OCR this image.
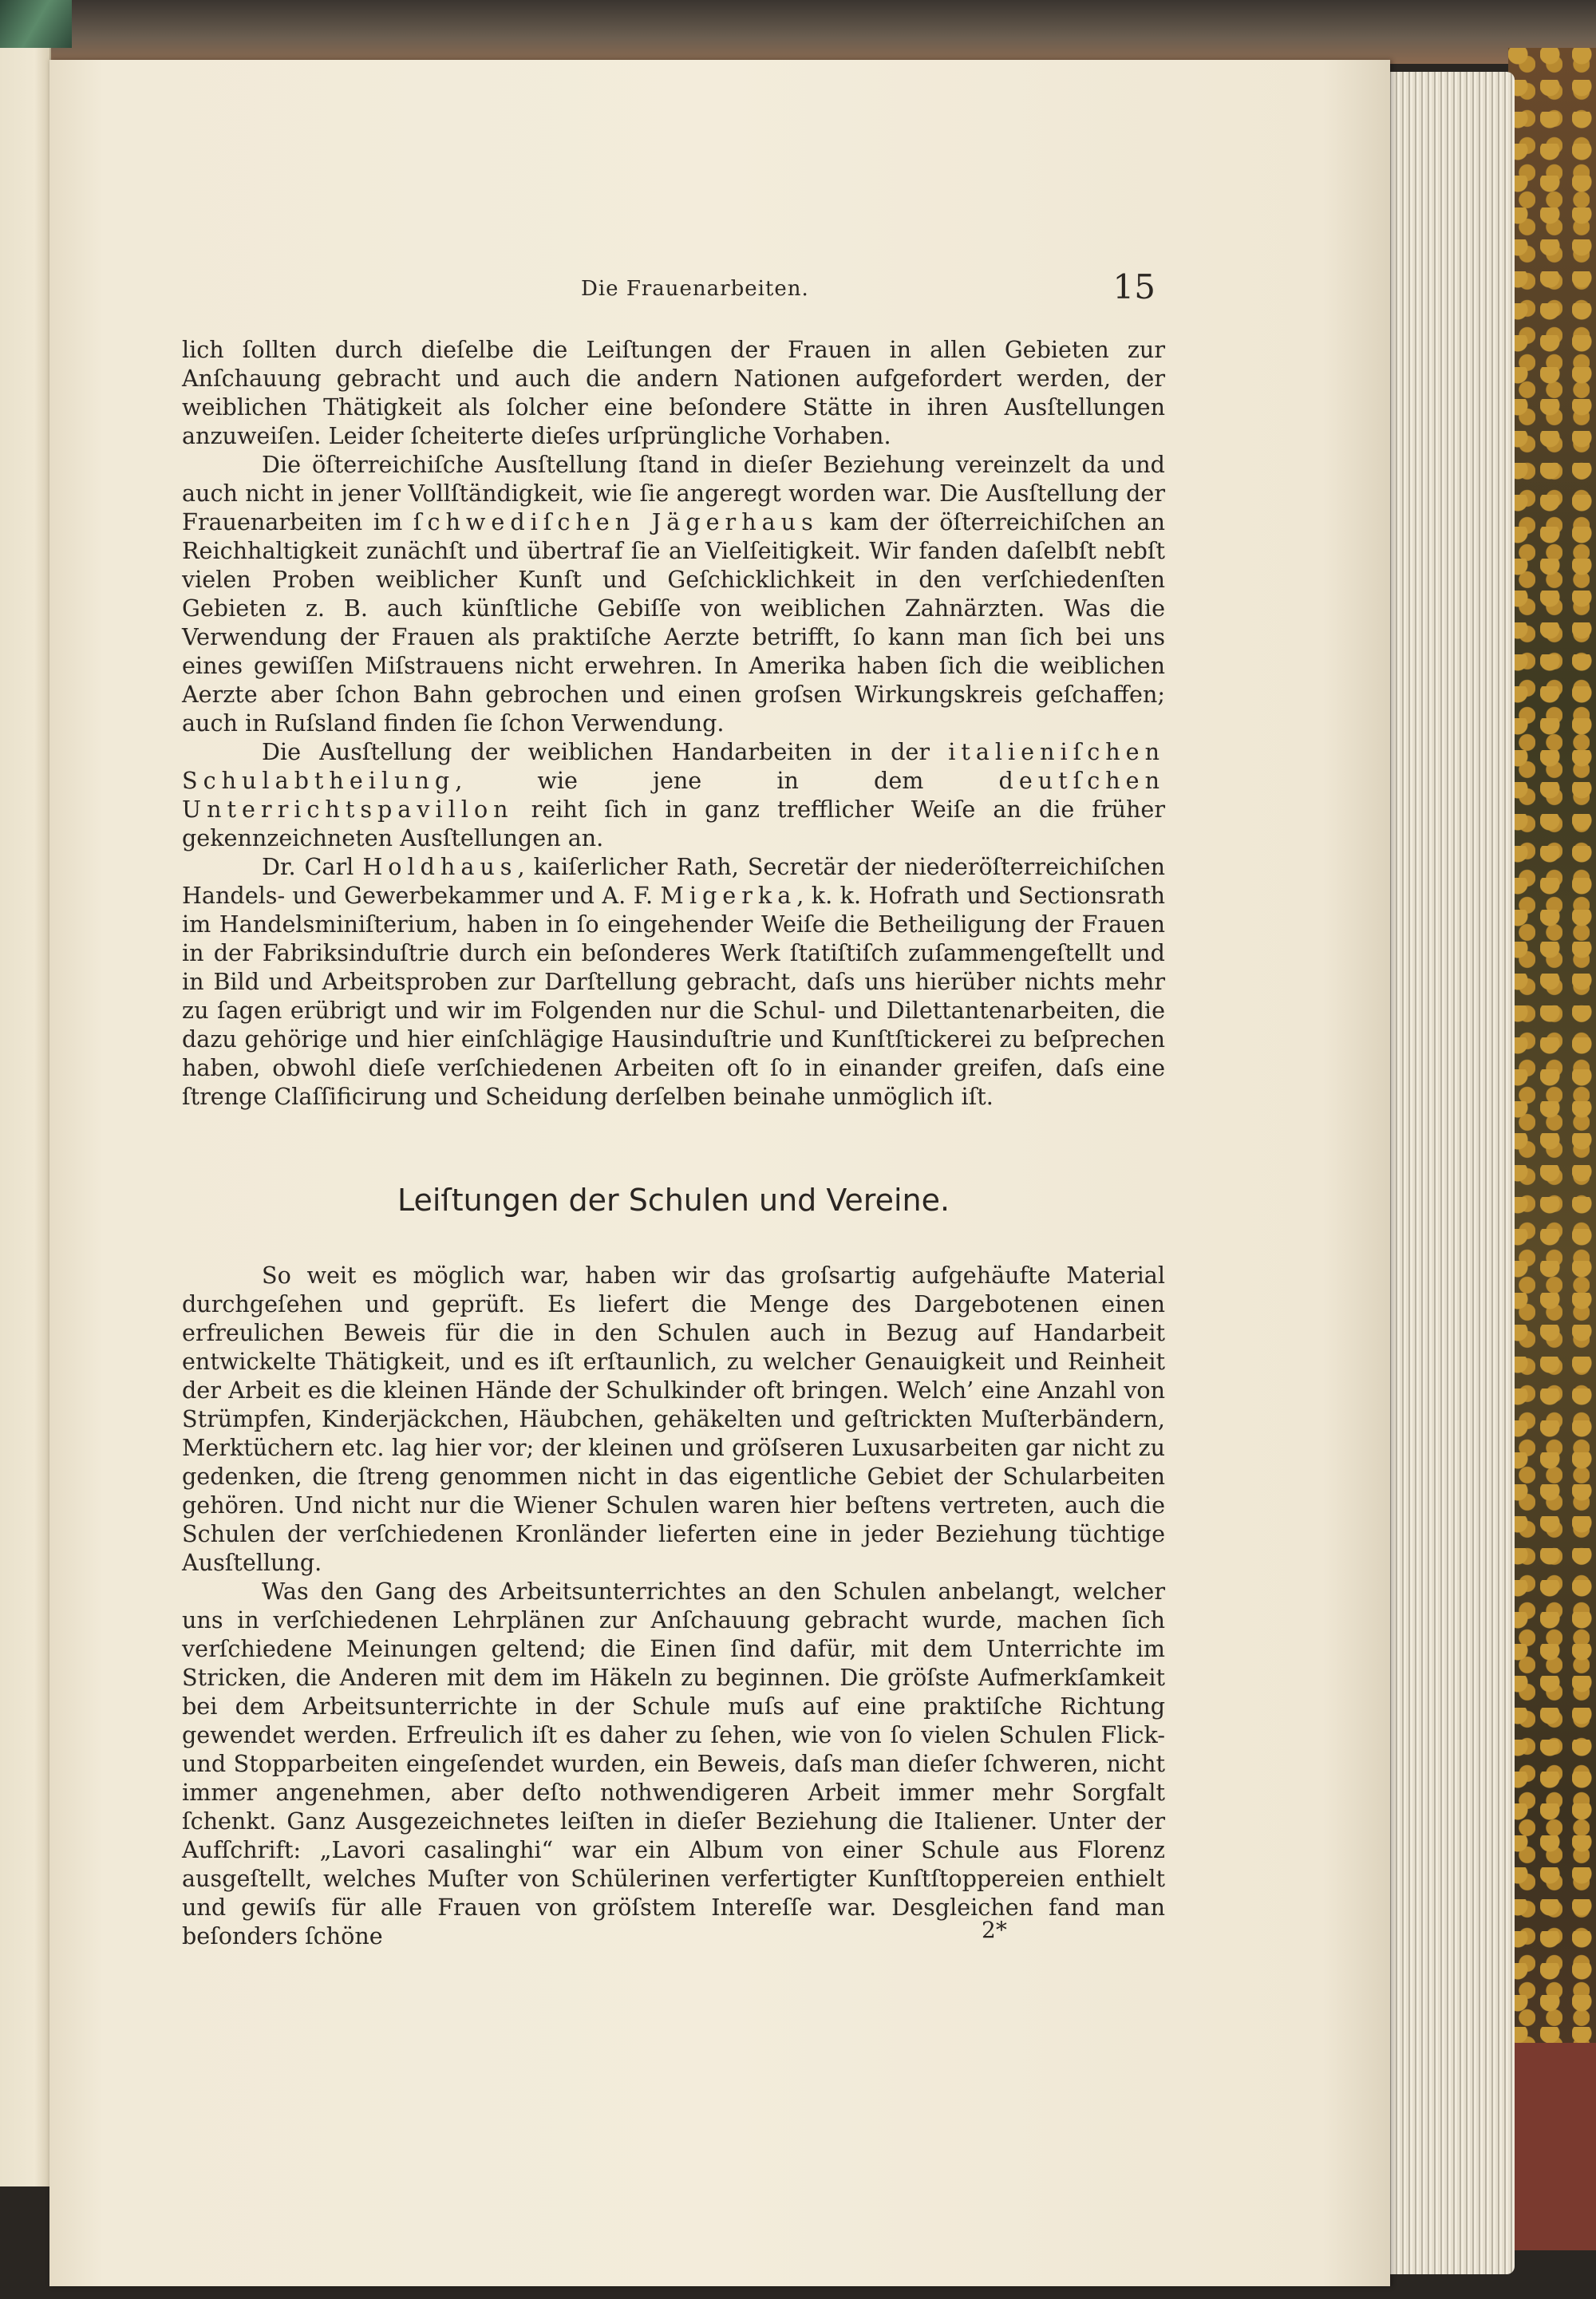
Die Frauenarbeiten.	15

lich ſollten durch dieſelbe die Leiſtungen der Frauen in allen Gebieten zur Anſchauung gebracht und auch die andern Nationen aufgefordert werden, der weiblichen Thätigkeit als ſolcher eine beſondere Stätte in ihren Ausſtellungen anzuweiſen. Leider ſcheiterte dieſes urſprüngliche Vorhaben.

Die öſterreichiſche Ausſtellung ſtand in dieſer Beziehung vereinzelt da und auch nicht in jener Vollſtändigkeit, wie ſie angeregt worden war. Die Ausſtellung der Frauenarbeiten im ſchwediſchen Jägerhaus kam der öſterreichiſchen an Reichhaltigkeit zunächſt und übertraf ſie an Vielſeitigkeit. Wir fanden daſelbſt nebſt vielen Proben weiblicher Kunſt und Geſchicklichkeit in den verſchiedenſten Gebieten z. B. auch künſtliche Gebiſſe von weiblichen Zahnärzten. Was die Verwendung der Frauen als praktiſche Aerzte betrifft, ſo kann man ſich bei uns eines gewiſſen Miſstrauens nicht erwehren. In Amerika haben ſich die weiblichen Aerzte aber ſchon Bahn gebrochen und einen groſsen Wirkungskreis geſchaffen; auch in Ruſsland finden ſie ſchon Verwendung.

Die Ausſtellung der weiblichen Handarbeiten in der italieniſchen Schulabtheilung, wie jene in dem deutſchen Unterrichtspavillon reiht ſich in ganz trefflicher Weiſe an die früher gekennzeichneten Ausſtellungen an.

Dr. Carl Holdhaus, kaiſerlicher Rath, Secretär der niederöſterreichiſchen Handels- und Gewerbekammer und A. F. Migerka, k. k. Hofrath und Sectionsrath im Handelsminiſterium, haben in ſo eingehender Weiſe die Betheiligung der Frauen in der Fabriksinduſtrie durch ein beſonderes Werk ſtatiſtiſch zuſammengeſtellt und in Bild und Arbeitsproben zur Darſtellung gebracht, daſs uns hierüber nichts mehr zu ſagen erübrigt und wir im Folgenden nur die Schul- und Dilettantenarbeiten, die dazu gehörige und hier einſchlägige Hausinduſtrie und Kunſtſtickerei zu beſprechen haben, obwohl dieſe verſchiedenen Arbeiten oft ſo in einander greifen, daſs eine ſtrenge Claſſificirung und Scheidung derſelben beinahe unmöglich iſt.

Leiſtungen der Schulen und Vereine.

So weit es möglich war, haben wir das groſsartig aufgehäufte Material durchgeſehen und geprüft. Es liefert die Menge des Dargebotenen einen erfreulichen Beweis für die in den Schulen auch in Bezug auf Handarbeit entwickelte Thätigkeit, und es iſt erſtaunlich, zu welcher Genauigkeit und Reinheit der Arbeit es die kleinen Hände der Schulkinder oft bringen. Welch’ eine Anzahl von Strümpfen, Kinderjäckchen, Häubchen, gehäkelten und geſtrickten Muſterbändern, Merktüchern etc. lag hier vor; der kleinen und gröſseren Luxusarbeiten gar nicht zu gedenken, die ſtreng genommen nicht in das eigentliche Gebiet der Schularbeiten gehören. Und nicht nur die Wiener Schulen waren hier beſtens vertreten, auch die Schulen der verſchiedenen Kronländer lieferten eine in jeder Beziehung tüchtige Ausſtellung.

Was den Gang des Arbeitsunterrichtes an den Schulen anbelangt, welcher uns in verſchiedenen Lehrplänen zur Anſchauung gebracht wurde, machen ſich verſchiedene Meinungen geltend; die Einen ſind dafür, mit dem Unterrichte im Stricken, die Anderen mit dem im Häkeln zu beginnen. Die gröſste Aufmerkſamkeit bei dem Arbeitsunterrichte in der Schule muſs auf eine praktiſche Richtung gewendet werden. Erfreulich iſt es daher zu ſehen, wie von ſo vielen Schulen Flick- und Stopparbeiten eingeſendet wurden, ein Beweis, daſs man dieſer ſchweren, nicht immer angenehmen, aber deſto nothwendigeren Arbeit immer mehr Sorgfalt ſchenkt. Ganz Ausgezeichnetes leiſten in dieſer Beziehung die Italiener. Unter der Aufſchrift: „Lavori casalinghi“ war ein Album von einer Schule aus Florenz ausgeſtellt, welches Muſter von Schülerinen verfertigter Kunſtſtoppereien enthielt und gewiſs für alle Frauen von gröſstem Intereſſe war. Desgleichen fand man beſonders ſchöne	2*
